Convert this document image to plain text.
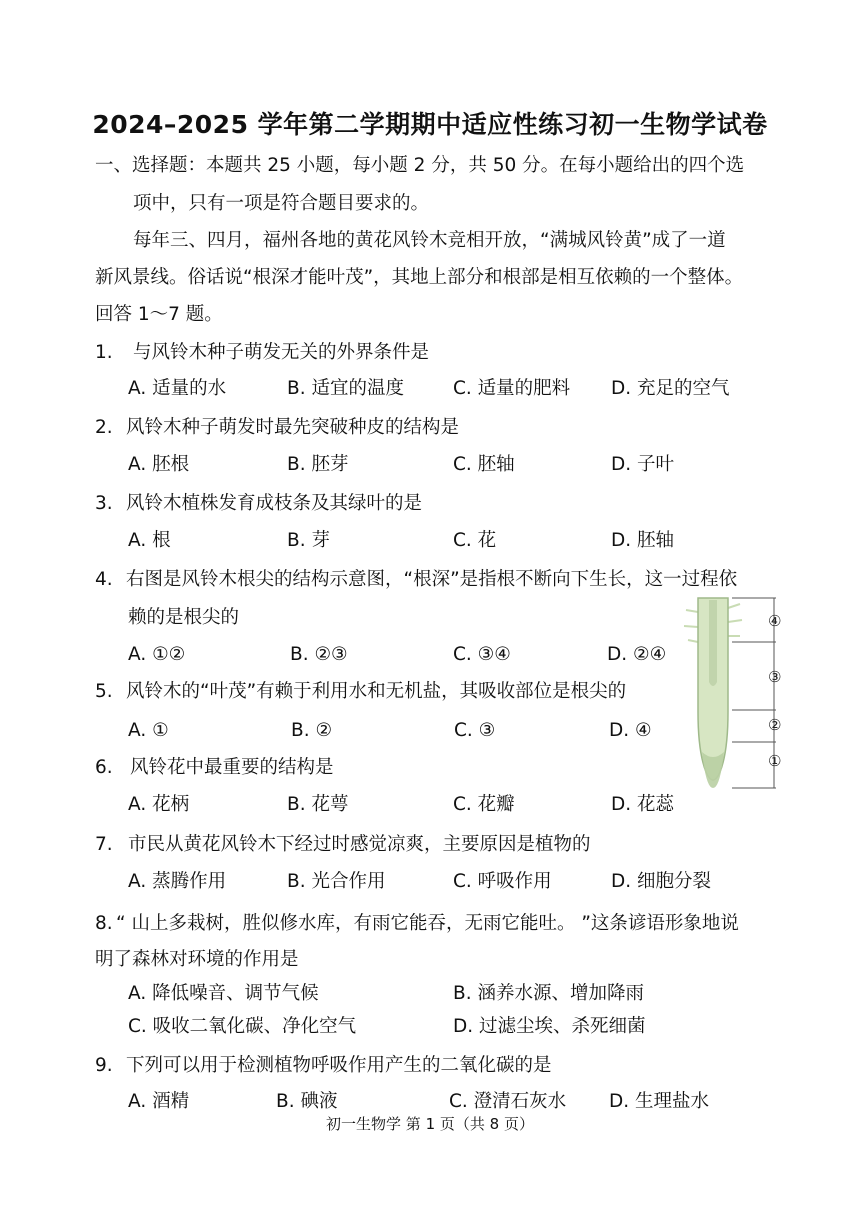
2024–2025 学年第二学期期中适应性练习初一生物学试卷
一、选择题：本题共 25 小题，每小题 2 分，共 50 分。在每小题给出的四个选
项中，只有一项是符合题目要求的。
每年三、四月，福州各地的黄花风铃木竞相开放，“满城风铃黄”成了一道
新风景线。俗话说“根深才能叶茂”，其地上部分和根部是相互依赖的一个整体。
回答 1～7 题。
1. 与风铃木种子萌发无关的外界条件是
A. 适量的水	B. 适宜的温度	C. 适量的肥料 D. 充足的空气
2. 风铃木种子萌发时最先突破种皮的结构是
A. 胚根	B. 胚芽	C. 胚轴	D. 子叶
3. 风铃木植株发育成枝条及其绿叶的是
A. 根	B. 芽	C. 花	D. 胚轴
4. 右图是风铃木根尖的结构示意图，“根深”是指根不断向下生长，这一过程依
赖的是根尖的
A. ①②	B. ②③	C. ③④	D. ②④
5. 风铃木的“叶茂”有赖于利用水和无机盐，其吸收部位是根尖的
A. ①	B. ②	C. ③	D. ④
6. 风铃花中最重要的结构是
A. 花柄	B. 花萼	C. 花瓣	D. 花蕊
7. 市民从黄花风铃木下经过时感觉凉爽，主要原因是植物的
A. 蒸腾作用	B. 光合作用	C. 呼吸作用	D. 细胞分裂
8. “ 山上多栽树，胜似修水库，有雨它能吞，无雨它能吐。 ”这条谚语形象地说
明了森林对环境的作用是
A. 降低噪音、调节气候	B. 涵养水源、增加降雨
C. 吸收二氧化碳、净化空气	D. 过滤尘埃、杀死细菌
9. 下列可以用于检测植物呼吸作用产生的二氧化碳的是
A. 酒精	B. 碘液	C. 澄清石灰水 D. 生理盐水
④
③
②
①
初一生物学 第 1 页（共 8 页）
